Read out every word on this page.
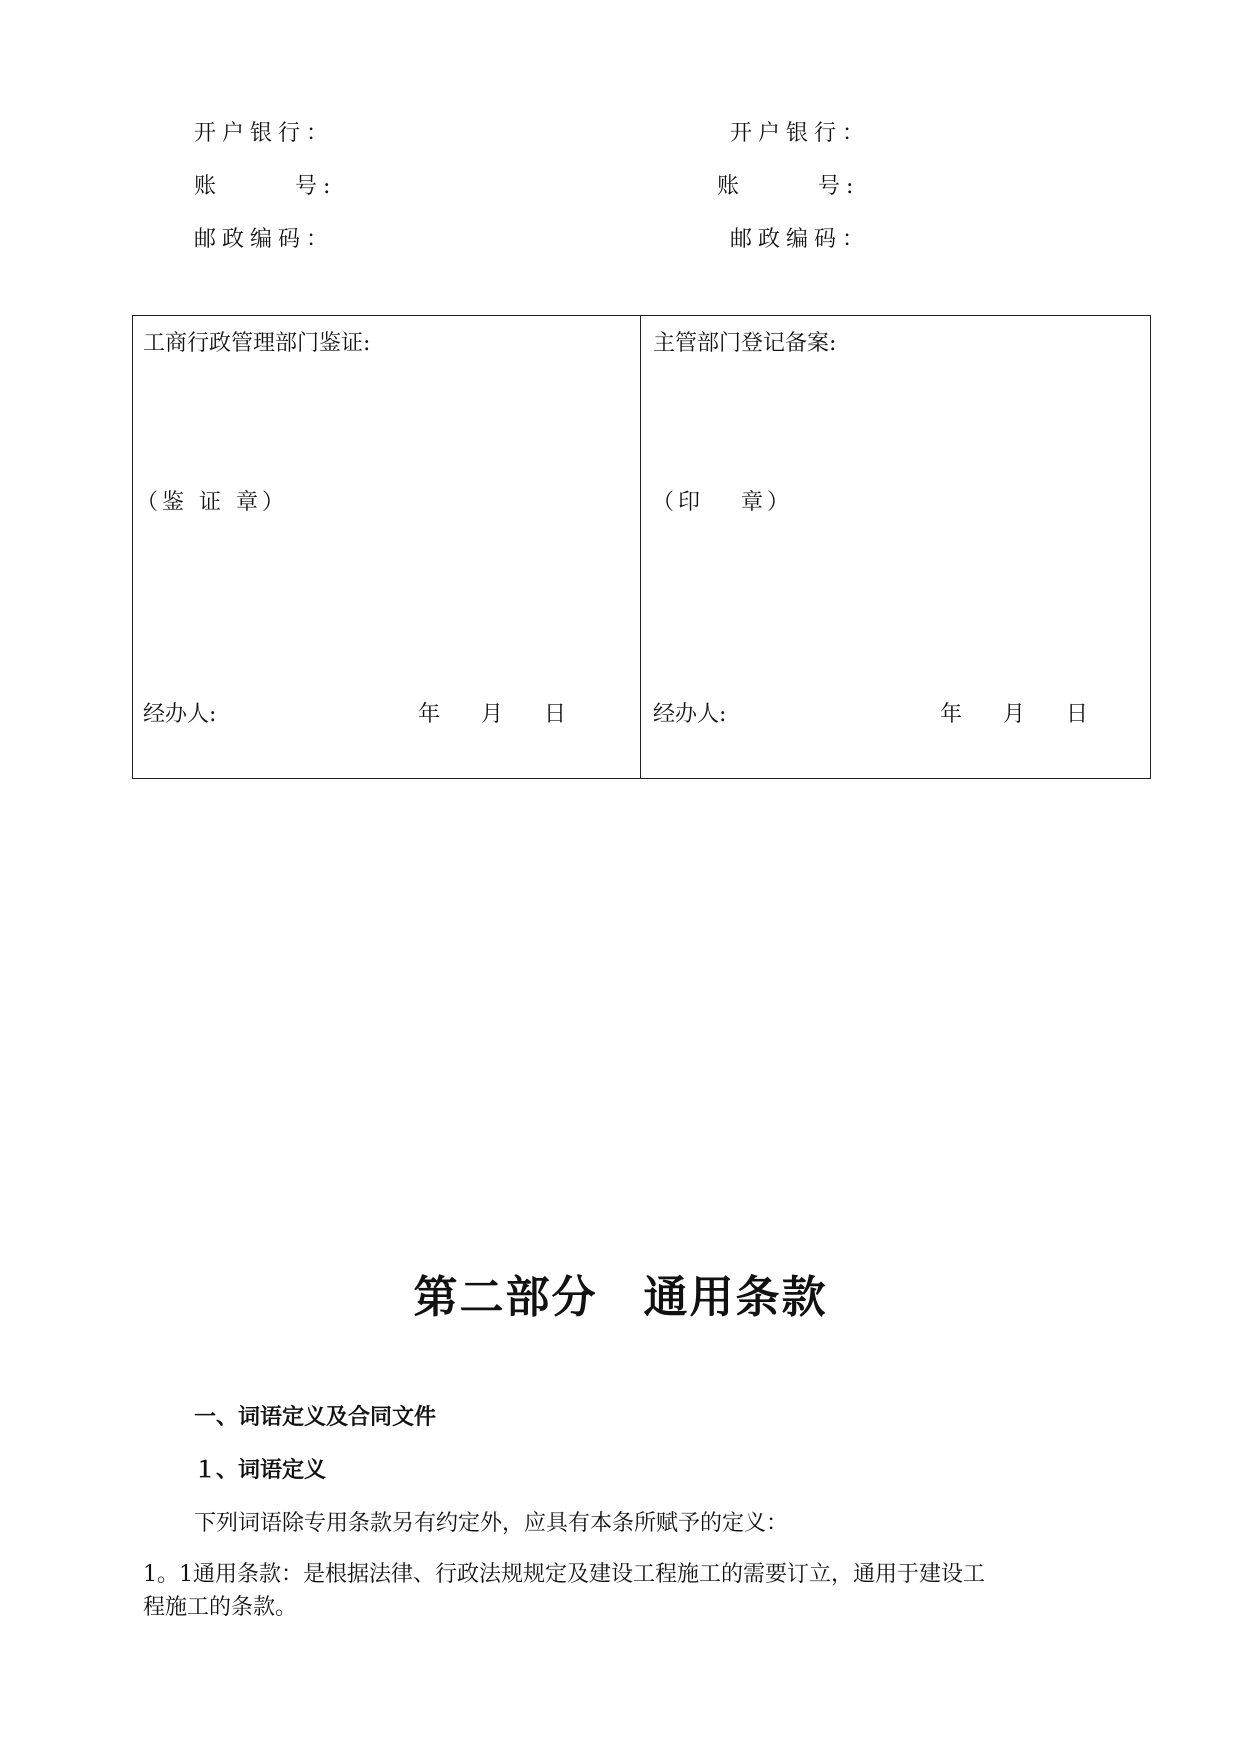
开户银行：
账	号:
邮政编码：
开户银行：
账	号:
邮政编码：
工商行政管理部门鉴证:
（鉴 证 章）
经办人:	年 月 日
主管部门登记备案:
（印　 章）
经办人:	年 月 日
第二部分　通用条款
一、词语定义及合同文件
１、词语定义
下列词语除专用条款另有约定外，应具有本条所赋予的定义：
1。1通用条款：是根据法律、行政法规规定及建设工程施工的需要订立，通用于建设工
程施工的条款。
